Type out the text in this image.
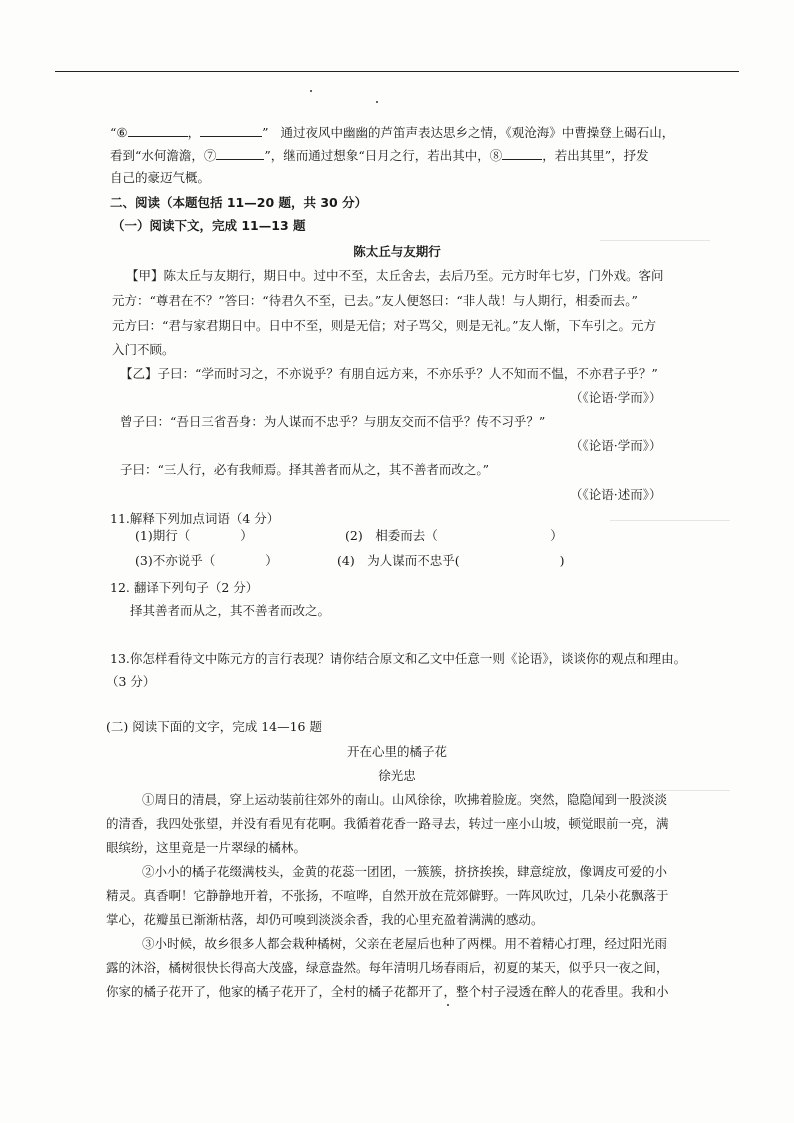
“⑥	，	” 通过夜风中幽幽的芦笛声表达思乡之情，《观沧海》中曹操登上碣石山，
看到“水何澹澹，⑦	”，继而通过想象“日月之行，若出其中，⑧	，若出其里”，抒发
自己的豪迈气概。
二、阅读（本题包括 11—20 题，共 30 分）
（一）阅读下文，完成 11—13 题
陈太丘与友期行
【甲】陈太丘与友期行，期日中。过中不至，太丘舍去，去后乃至。元方时年七岁，门外戏。客问
元方：“尊君在不？”答曰：“待君久不至，已去。”友人便怒曰：“非人哉！与人期行，相委而去。”
元方曰：“君与家君期日中。日中不至，则是无信；对子骂父，则是无礼。”友人惭，下车引之。元方
入门不顾。
【乙】子曰：“学而时习之，不亦说乎？有朋自远方来，不亦乐乎？人不知而不愠，不亦君子乎？”
（《论语·学而》）
曾子曰：“吾日三省吾身：为人谋而不忠乎？与朋友交而不信乎？传不习乎？”
（《论语·学而》）
子曰：“三人行，必有我师焉。择其善者而从之，其不善者而改之。”
（《论语·述而》）
11.解释下列加点词语（4 分）
(1)期行（　　　　）	(2)　相委而去（　　　　　　　　　）
(3)不亦说乎（　　　　）	(4)　为人谋而不忠乎(　　　　　　　　)
12. 翻译下列句子（2 分）
择其善者而从之，其不善者而改之。
13.你怎样看待文中陈元方的言行表现？请你结合原文和乙文中任意一则《论语》，谈谈你的观点和理由。
（3 分）
(二) 阅读下面的文字，完成 14—16 题
开在心里的橘子花
徐光忠
①周日的清晨，穿上运动装前往郊外的南山。山风徐徐，吹拂着脸庞。突然，隐隐闻到一股淡淡
的清香，我四处张望，并没有看见有花啊。我循着花香一路寻去，转过一座小山坡，顿觉眼前一亮，满
眼缤纷，这里竟是一片翠绿的橘林。
②小小的橘子花缀满枝头，金黄的花蕊一团团，一簇簇，挤挤挨挨，肆意绽放，像调皮可爱的小
精灵。真香啊！它静静地开着，不张扬，不喧哗，自然开放在荒郊僻野。一阵风吹过，几朵小花飘落于
掌心，花瓣虽已渐渐枯落，却仍可嗅到淡淡余香，我的心里充盈着满满的感动。
③小时候，故乡很多人都会栽种橘树，父亲在老屋后也种了两棵。用不着精心打理，经过阳光雨
露的沐浴，橘树很快长得高大茂盛，绿意盎然。每年清明几场春雨后，初夏的某天，似乎只一夜之间，
你家的橘子花开了，他家的橘子花开了，全村的橘子花都开了，整个村子浸透在醉人的花香里。我和小
